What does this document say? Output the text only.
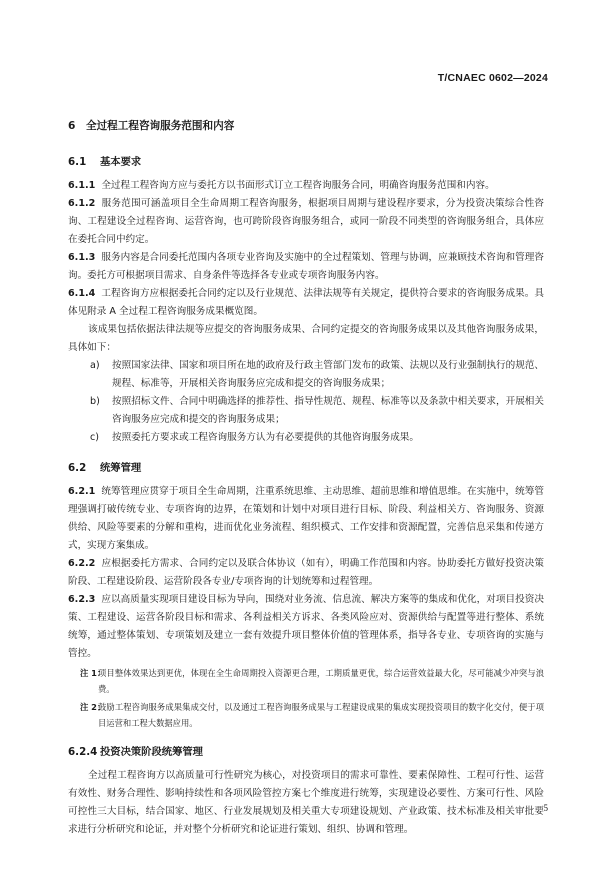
T/CNAEC 0602—2024
6 全过程工程咨询服务范围和内容
6.1 基本要求

6.1.1 全过程工程咨询方应与委托方以书面形式订立工程咨询服务合同，明确咨询服务范围和内容。

6.1.2 服务范围可涵盖项目全生命周期工程咨询服务，根据项目周期与建设程序要求，分为投资决策综合性咨询、工程建设全过程咨询、运营咨询，也可跨阶段咨询服务组合，或同一阶段不同类型的咨询服务组合，具体应在委托合同中约定。

6.1.3 服务内容是合同委托范围内各项专业咨询及实施中的全过程策划、管理与协调，应兼顾技术咨询和管理咨询。委托方可根据项目需求、自身条件等选择各专业或专项咨询服务内容。

6.1.4 工程咨询方应根据委托合同约定以及行业规范、法律法规等有关规定，提供符合要求的咨询服务成果。具体见附录 A 全过程工程咨询服务成果概览图。

该成果包括依据法律法规等应提交的咨询服务成果、合同约定提交的咨询服务成果以及其他咨询服务成果，具体如下：

a) 按照国家法律、国家和项目所在地的政府及行政主管部门发布的政策、法规以及行业强制执行的规范、规程、标准等，开展相关咨询服务应完成和提交的咨询服务成果；
b) 按照招标文件、合同中明确选择的推荐性、指导性规范、规程、标准等以及条款中相关要求，开展相关咨询服务应完成和提交的咨询服务成果；
c) 按照委托方要求或工程咨询服务方认为有必要提供的其他咨询服务成果。
6.2 统筹管理

6.2.1 统筹管理应贯穿于项目全生命周期，注重系统思维、主动思维、超前思维和增值思维。在实施中，统筹管理强调打破传统专业、专项咨询的边界，在策划和计划中对项目进行目标、阶段、利益相关方、咨询服务、资源供给、风险等要素的分解和重构，进而优化业务流程、组织模式、工作安排和资源配置，完善信息采集和传递方式，实现方案集成。

6.2.2 应根据委托方需求、合同约定以及联合体协议（如有），明确工作范围和内容。协助委托方做好投资决策阶段、工程建设阶段、运营阶段各专业/专项咨询的计划统筹和过程管理。

6.2.3 应以高质量实现项目建设目标为导向，围绕对业务流、信息流、解决方案等的集成和优化，对项目投资决策、工程建设、运营各阶段目标和需求、各利益相关方诉求、各类风险应对、资源供给与配置等进行整体、系统统筹，通过整体策划、专项策划及建立一套有效提升项目整体价值的管理体系，指导各专业、专项咨询的实施与管控。

注 1：
项目整体效果达到更优，体现在全生命周期投入资源更合理，工期质量更优，综合运营效益最大化，尽可能减少冲突与浪费。
注 2：
鼓励工程咨询服务成果集成交付，以及通过工程咨询服务成果与工程建设成果的集成实现投资项目的数字化交付，便于项目运营和工程大数据应用。
6.2.4 投资决策阶段统筹管理

全过程工程咨询方以高质量可行性研究为核心，对投资项目的需求可靠性、要素保障性、工程可行性、运营有效性、财务合理性、影响持续性和各项风险管控方案七个维度进行统筹，实现建设必要性、方案可行性、风险可控性三大目标，结合国家、地区、行业发展规划及相关重大专项建设规划、产业政策、技术标准及相关审批要求进行分析研究和论证，并对整个分析研究和论证进行策划、组织、协调和管理。

5
